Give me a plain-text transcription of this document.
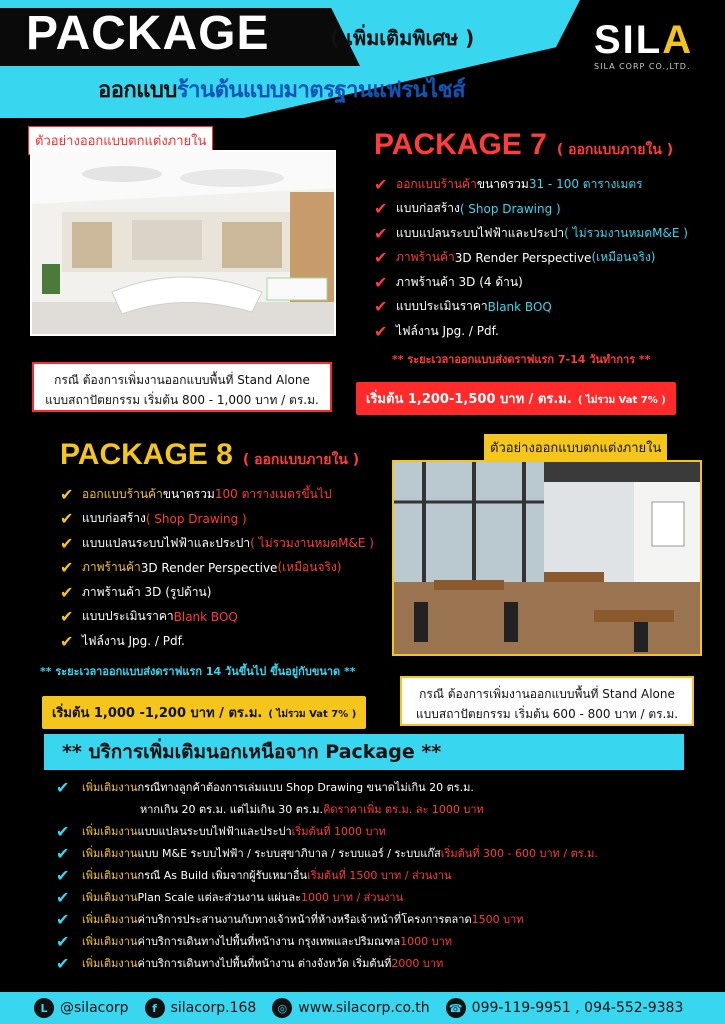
PACKAGE	( เพิ่มเติมพิเศษ )
ออกแบบร้านต้นแบบมาตรฐานแฟรนไชส์
SILA
SILA CORP CO.,LTD.
ตัวอย่างออกแบบตกแต่งภายใน
กรณี ต้องการเพิ่มงานออกแบบพื้นที่ Stand Alone
แบบสถาปัตยกรรม เริ่มต้น 800 - 1,000 บาท / ตร.ม.
PACKAGE 7 ( ออกแบบภายใน )
✔ ออกแบบร้านค้า ขนาดรวม 31 - 100 ตารางเมตร
✔ แบบก่อสร้าง ( Shop Drawing )
✔ แบบแปลนระบบไฟฟ้าและประปา ( ไม่รวมงานหมดM&E )
✔ ภาพร้านค้า 3D Render Perspective (เหมือนจริง)
✔ ภาพร้านค้า 3D (4 ด้าน)
✔ แบบประเมินราคา Blank BOQ
✔ ไฟล์งาน Jpg. / Pdf.
** ระยะเวลาออกแบบส่งดราฟแรก 7-14 วันทำการ **
เริ่มต้น 1,200-1,500 บาท / ตร.ม. ( ไม่รวม Vat 7% )
PACKAGE 8 ( ออกแบบภายใน )
✔ ออกแบบร้านค้า ขนาดรวม 100 ตารางเมตรขึ้นไป
✔ แบบก่อสร้าง ( Shop Drawing )
✔ แบบแปลนระบบไฟฟ้าและประปา ( ไม่รวมงานหมดM&E )
✔ ภาพร้านค้า 3D Render Perspective (เหมือนจริง)
✔ ภาพร้านค้า 3D (รูปด้าน)
✔ แบบประเมินราคา Blank BOQ
✔ ไฟล์งาน Jpg. / Pdf.
** ระยะเวลาออกแบบส่งดราฟแรก 14 วันขึ้นไป ขึ้นอยู่กับขนาด **
เริ่มต้น 1,000 -1,200 บาท / ตร.ม. ( ไม่รวม Vat 7% )
ตัวอย่างออกแบบตกแต่งภายใน
กรณี ต้องการเพิ่มงานออกแบบพื้นที่ Stand Alone
แบบสถาปัตยกรรม เริ่มต้น 600 - 800 บาท / ตร.ม.
** บริการเพิ่มเติมนอกเหนือจาก Package **
✔	เพิ่มเติมงาน กรณีทางลูกค้าต้องการเล่มแบบ Shop Drawing ขนาดไม่เกิน 20 ตร.ม.
หากเกิน 20 ตร.ม. แต่ไม่เกิน 30 ตร.ม. คิดราคาเพิ่ม ตร.ม. ละ 1000 บาท
✔	เพิ่มเติมงาน แบบแปลนระบบไฟฟ้าและประปา เริ่มต้นที่ 1000 บาท
✔	เพิ่มเติมงาน แบบ M&E ระบบไฟฟ้า / ระบบสุขาภิบาล / ระบบแอร์ / ระบบแก๊ส เริ่มต้นที่ 300 - 600 บาท / ตร.ม.
✔	เพิ่มเติมงาน กรณี As Build เพิ่มจากผู้รับเหมาอื่น เริ่มต้นที่ 1500 บาท / ส่วนงาน
✔	เพิ่มเติมงาน Plan Scale แต่ละส่วนงาน แผ่นละ 1000 บาท / ส่วนงาน
✔	เพิ่มเติมงาน ค่าบริการประสานงานกับทางเจ้าหน้าที่ห้างหรือเจ้าหน้าที่โครงการตลาด 1500 บาท
✔	เพิ่มเติมงาน ค่าบริการเดินทางไปพื้นที่หน้างาน กรุงเทพและปริมณฑล 1000 บาท
✔	เพิ่มเติมงาน ค่าบริการเดินทางไปพื้นที่หน้างาน ต่างจังหวัด เริ่มต้นที่ 2000 บาท
L @silacorp	f silacorp.168	◎ www.silacorp.co.th ☎ 099-119-9951 , 094-552-9383
